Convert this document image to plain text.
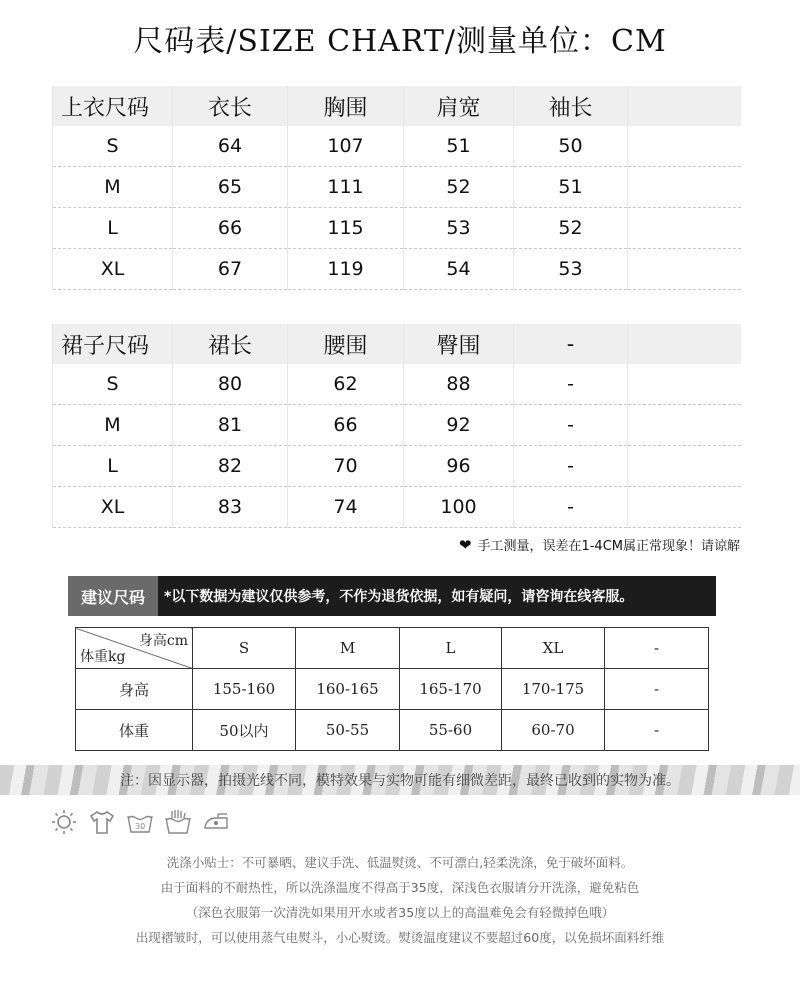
尺码表/SIZE CHART/测量单位：CM
上衣尺码	衣长	胸围	肩宽	袖长	
S	64	107	51	50	
M	65	111	52	51	
L	66	115	53	52	
XL	67	119	54	53	
裙子尺码	裙长	腰围	臀围	-	
S	80	62	88	-	
M	81	66	92	-	
L	82	70	96	-	
XL	83	74	100	-	
❤ 手工测量，误差在1-4CM属正常现象！请谅解
建议尺码	*以下数据为建议仅供参考，不作为退货依据，如有疑问，请咨询在线客服。
身高cm
体重kg	S	M	L	XL	-
身高	155-160	160-165	165-170	170-175	-
体重	50以内	50-55	55-60	60-70	-
注：因显示器，拍摄光线不同，模特效果与实物可能有细微差距，最终已收到的实物为准。
30
洗涤小贴士：不可暴晒、建议手洗、低温熨烫、不可漂白,轻柔洗涤，免于破坏面料。
由于面料的不耐热性，所以洗涤温度不得高于35度，深浅色衣服请分开洗涤，避免粘色
（深色衣服第一次清洗如果用开水或者35度以上的高温难免会有轻微掉色哦）
出现褶皱时，可以使用蒸气电熨斗，小心熨烫。熨烫温度建议不要超过60度，以免损坏面料纤维
